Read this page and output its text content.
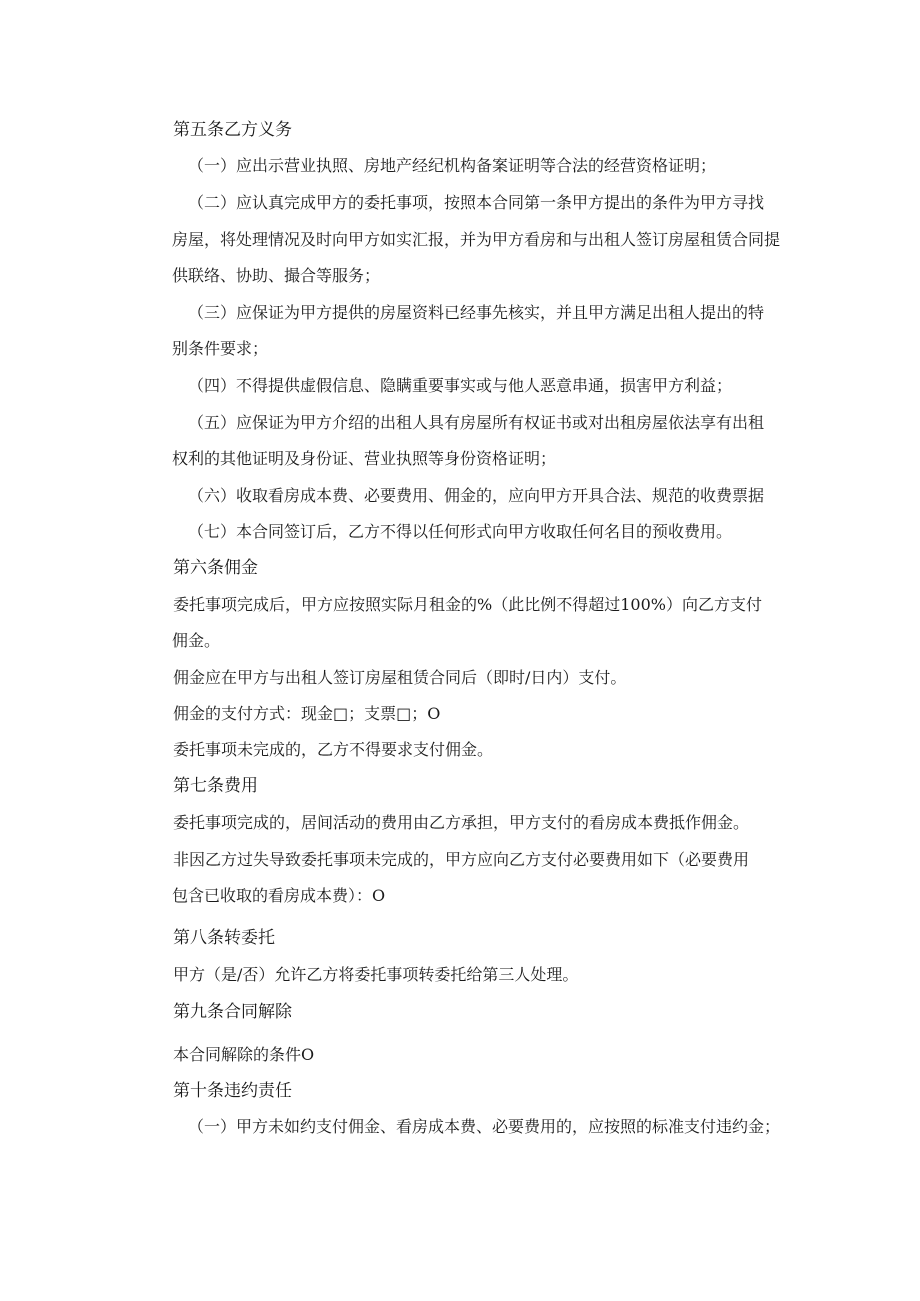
第五条乙方义务
（一）应出示营业执照、房地产经纪机构备案证明等合法的经营资格证明；
（二）应认真完成甲方的委托事项，按照本合同第一条甲方提出的条件为甲方寻找
房屋，将处理情况及时向甲方如实汇报，并为甲方看房和与出租人签订房屋租赁合同提
供联络、协助、撮合等服务；
（三）应保证为甲方提供的房屋资料已经事先核实，并且甲方满足出租人提出的特
别条件要求；
（四）不得提供虚假信息、隐瞒重要事实或与他人恶意串通，损害甲方利益；
（五）应保证为甲方介绍的出租人具有房屋所有权证书或对出租房屋依法享有出租
权利的其他证明及身份证、营业执照等身份资格证明；
（六）收取看房成本费、必要费用、佣金的，应向甲方开具合法、规范的收费票据
（七）本合同签订后，乙方不得以任何形式向甲方收取任何名目的预收费用。
第六条佣金
委托事项完成后，甲方应按照实际月租金的%（此比例不得超过100%）向乙方支付
佣金。
佣金应在甲方与出租人签订房屋租赁合同后（即时/日内）支付。
佣金的支付方式：现金□；支票□；O
委托事项未完成的，乙方不得要求支付佣金。
第七条费用
委托事项完成的，居间活动的费用由乙方承担，甲方支付的看房成本费抵作佣金。
非因乙方过失导致委托事项未完成的，甲方应向乙方支付必要费用如下（必要费用
包含已收取的看房成本费）：O
第八条转委托
甲方（是/否）允许乙方将委托事项转委托给第三人处理。
第九条合同解除
本合同解除的条件O
第十条违约责任
（一）甲方未如约支付佣金、看房成本费、必要费用的，应按照的标准支付违约金；
